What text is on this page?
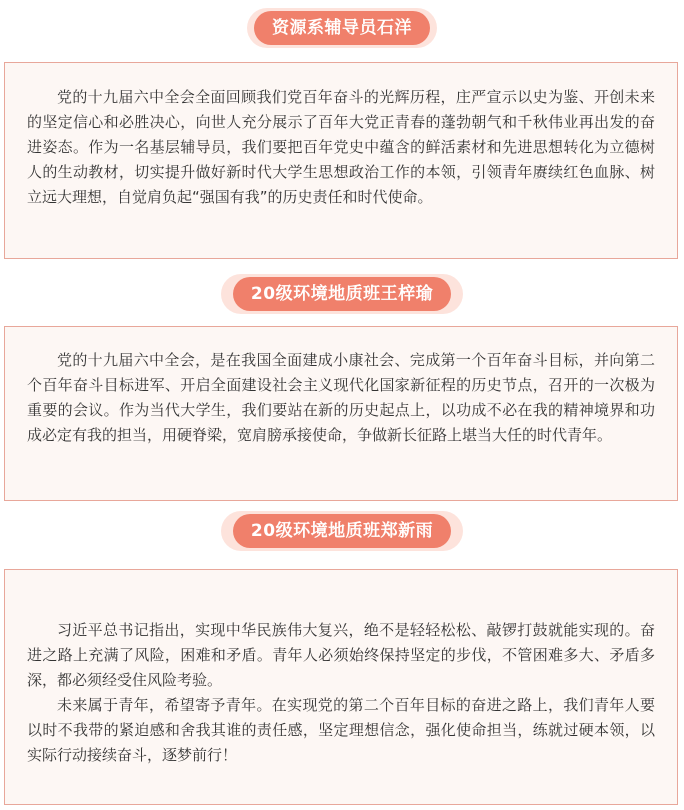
资源系辅导员石洋

党的十九届六中全会全面回顾我们党百年奋斗的光辉历程，庄严宣示以史为鉴、开创未来的坚定信心和必胜决心，向世人充分展示了百年大党正青春的蓬勃朝气和千秋伟业再出发的奋进姿态。作为一名基层辅导员，我们要把百年党史中蕴含的鲜活素材和先进思想转化为立德树人的生动教材，切实提升做好新时代大学生思想政治工作的本领，引领青年赓续红色血脉、树立远大理想，自觉肩负起“强国有我”的历史责任和时代使命。

20级环境地质班王梓瑜

党的十九届六中全会，是在我国全面建成小康社会、完成第一个百年奋斗目标，并向第二个百年奋斗目标进军、开启全面建设社会主义现代化国家新征程的历史节点，召开的一次极为重要的会议。作为当代大学生，我们要站在新的历史起点上，以功成不必在我的精神境界和功成必定有我的担当，用硬脊梁，宽肩膀承接使命，争做新长征路上堪当大任的时代青年。

20级环境地质班郑新雨

习近平总书记指出，实现中华民族伟大复兴，绝不是轻轻松松、敲锣打鼓就能实现的。奋进之路上充满了风险，困难和矛盾。青年人必须始终保持坚定的步伐，不管困难多大、矛盾多深，都必须经受住风险考验。

未来属于青年，希望寄予青年。在实现党的第二个百年目标的奋进之路上，我们青年人要以时不我带的紧迫感和舍我其谁的责任感，坚定理想信念，强化使命担当，练就过硬本领，以实际行动接续奋斗，逐梦前行！
